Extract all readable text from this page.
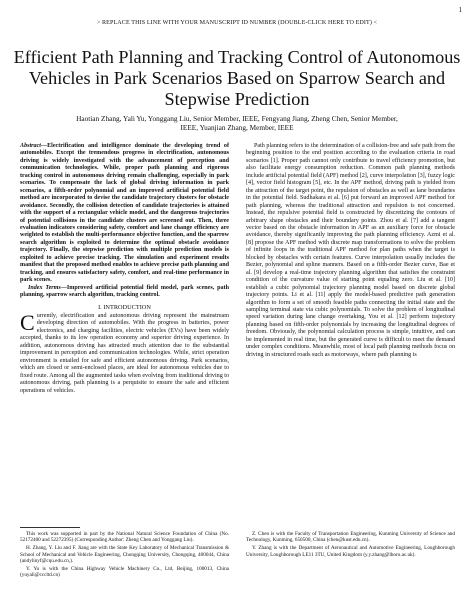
1
> REPLACE THIS LINE WITH YOUR MANUSCRIPT ID NUMBER (DOUBLE-CLICK HERE TO EDIT) <
Efficient Path Planning and Tracking Control of Autonomous Vehicles in Park Scenarios Based on Sparrow Search and Stepwise Prediction
Haotian Zhang, Yali Yu, Yonggang Liu, Senior Member, IEEE, Fengyang Jiang, Zheng Chen, Senior Member,
IEEE, Yuanjian Zhang, Member, IEEE

Abstract—Electrification and intelligence dominate the developing trend of automobiles. Except the tremendous progress in electrification, autonomous driving is widely investigated with the advancement of perception and communication technologies. While, proper path planning and rigorous tracking control in autonomous driving remain challenging, especially in park scenarios. To compensate the lack of global driving information in park scenarios, a fifth-order polynomial and an improved artificial potential field method are incorporated to devise the candidate trajectory clusters for obstacle avoidance. Secondly, the collision detection of candidate trajectories is attained with the support of a rectangular vehicle model, and the dangerous trajectories of potential collisions in the candidate clusters are screened out. Then, three evaluation indicators considering safety, comfort and lane change efficiency are weighted to establish the multi-performance objective function, and the sparrow search algorithm is exploited to determine the optimal obstacle avoidance trajectory. Finally, the stepwise prediction with multiple prediction models is exploited to achieve precise tracking. The simulation and experiment results manifest that the proposed method enables to achieve precise path planning and tracking, and ensures satisfactory safety, comfort, and real-time performance in park scenes.

Index Terms—Improved artificial potential field model, park scenes, path planning, sparrow search algorithm, tracking control.

I. INTRODUCTION

Currently, electrification and autonomous driving represent the mainstream developing direction of automobiles. With the progress in batteries, power electronics, and charging facilities, electric vehicles (EVs) have been widely accepted, thanks to its low operation economy and superior driving experience. In addition, autonomous driving has attracted much attention due to the substantial improvement in perception and communication technologies. While, strict operation environment is entailed for safe and efficient autonomous driving. Park scenarios, which are closed or semi-enclosed places, are ideal for autonomous vehicles due to fixed route. Among all the augmented tasks when evolving from traditional driving to autonomous driving, path planning is a perquisite to ensure the safe and efficient operations of vehicles.

Path planning refers to the determination of a collision-free and safe path from the beginning position to the end position according to the evaluation criteria in road scenarios [1]. Proper path cannot only contribute to travel efficiency promotion, but also facilitate energy consumption reduction. Common path planning methods include artificial potential field (APF) method [2], curve interpolation [3], fuzzy logic [4], vector field histogram [5], etc. In the APF method, driving path is yielded from the attraction of the target point, the repulsion of obstacles as well as lane boundaries in the potential field. Sudhakara et al. [6] put forward an improved APF method for path planning, whereas the traditional attraction and repulsion is not concerned. Instead, the repulsive potential field is constructed by discretizing the contours of arbitrary shape obstacles and their boundary points. Zhou et al. [7] add a tangent vector based on the obstacle information in APF as an auxiliary force for obstacle avoidance, thereby significantly improving the path planning efficiency. Azmi et al. [8] propose the APF method with discrete map transformations to solve the problem of infinite loops in the traditional APF method for plan paths when the target is blocked by obstacles with certain features. Curve interpolation usually includes the Bezier, polynomial and spline manners. Based on a fifth-order Bezier curve, Bae et al. [9] develop a real-time trajectory planning algorithm that satisfies the constraint condition of the curvature value of starting point equaling zero. Liu et al. [10] establish a cubic polynomial trajectory planning model based on discrete global trajectory points. Li et al. [11] apply the model-based predictive path generation algorithm to form a set of smooth feasible paths connecting the initial state and the sampling terminal state via cubic polynomials. To solve the problem of longitudinal speed variation during lane change overtaking, You et al. [12] perform trajectory planning based on fifth-order polynomials by increasing the longitudinal degrees of freedom. Obviously, the polynomial calculation process is simple, intuitive, and can be implemented in real time, but the generated curve is difficult to meet the demand under complex conditions. Meanwhile, most of local path planning methods focus on driving in structured roads such as motorways, where path planning is

This work was supported in part by the National Natural Science Foundation of China (No. 52172400 and 52272395) (Corresponding Author: Zheng Chen and Yonggang Liu).

H. Zhang, Y. Liu and F. Jiang are with the State Key Laboratory of Mechanical Transmission & School of Mechanical and Vehicle Engineering, Chongqing University, Chongqing, 400044, China (andylinyf@cqu.edu.cn,).

Y. Yu is with the China Highway Vehicle Machinery Co., Ltd, Beijing, 100013, China (yuyali@cccltd.cn)

Z. Chen is with the Faculty of Transportation Engineering, Kunming University of Science and Technology, Kunming, 650500, China (chen@kust.edu.cn).

Y. Zhang is with the Department of Aeronautical and Automotive Engineering, Loughborough University, Loughborough LE11 3TU, United Kingdom (y.y.zhang@lboro.ac.uk).
